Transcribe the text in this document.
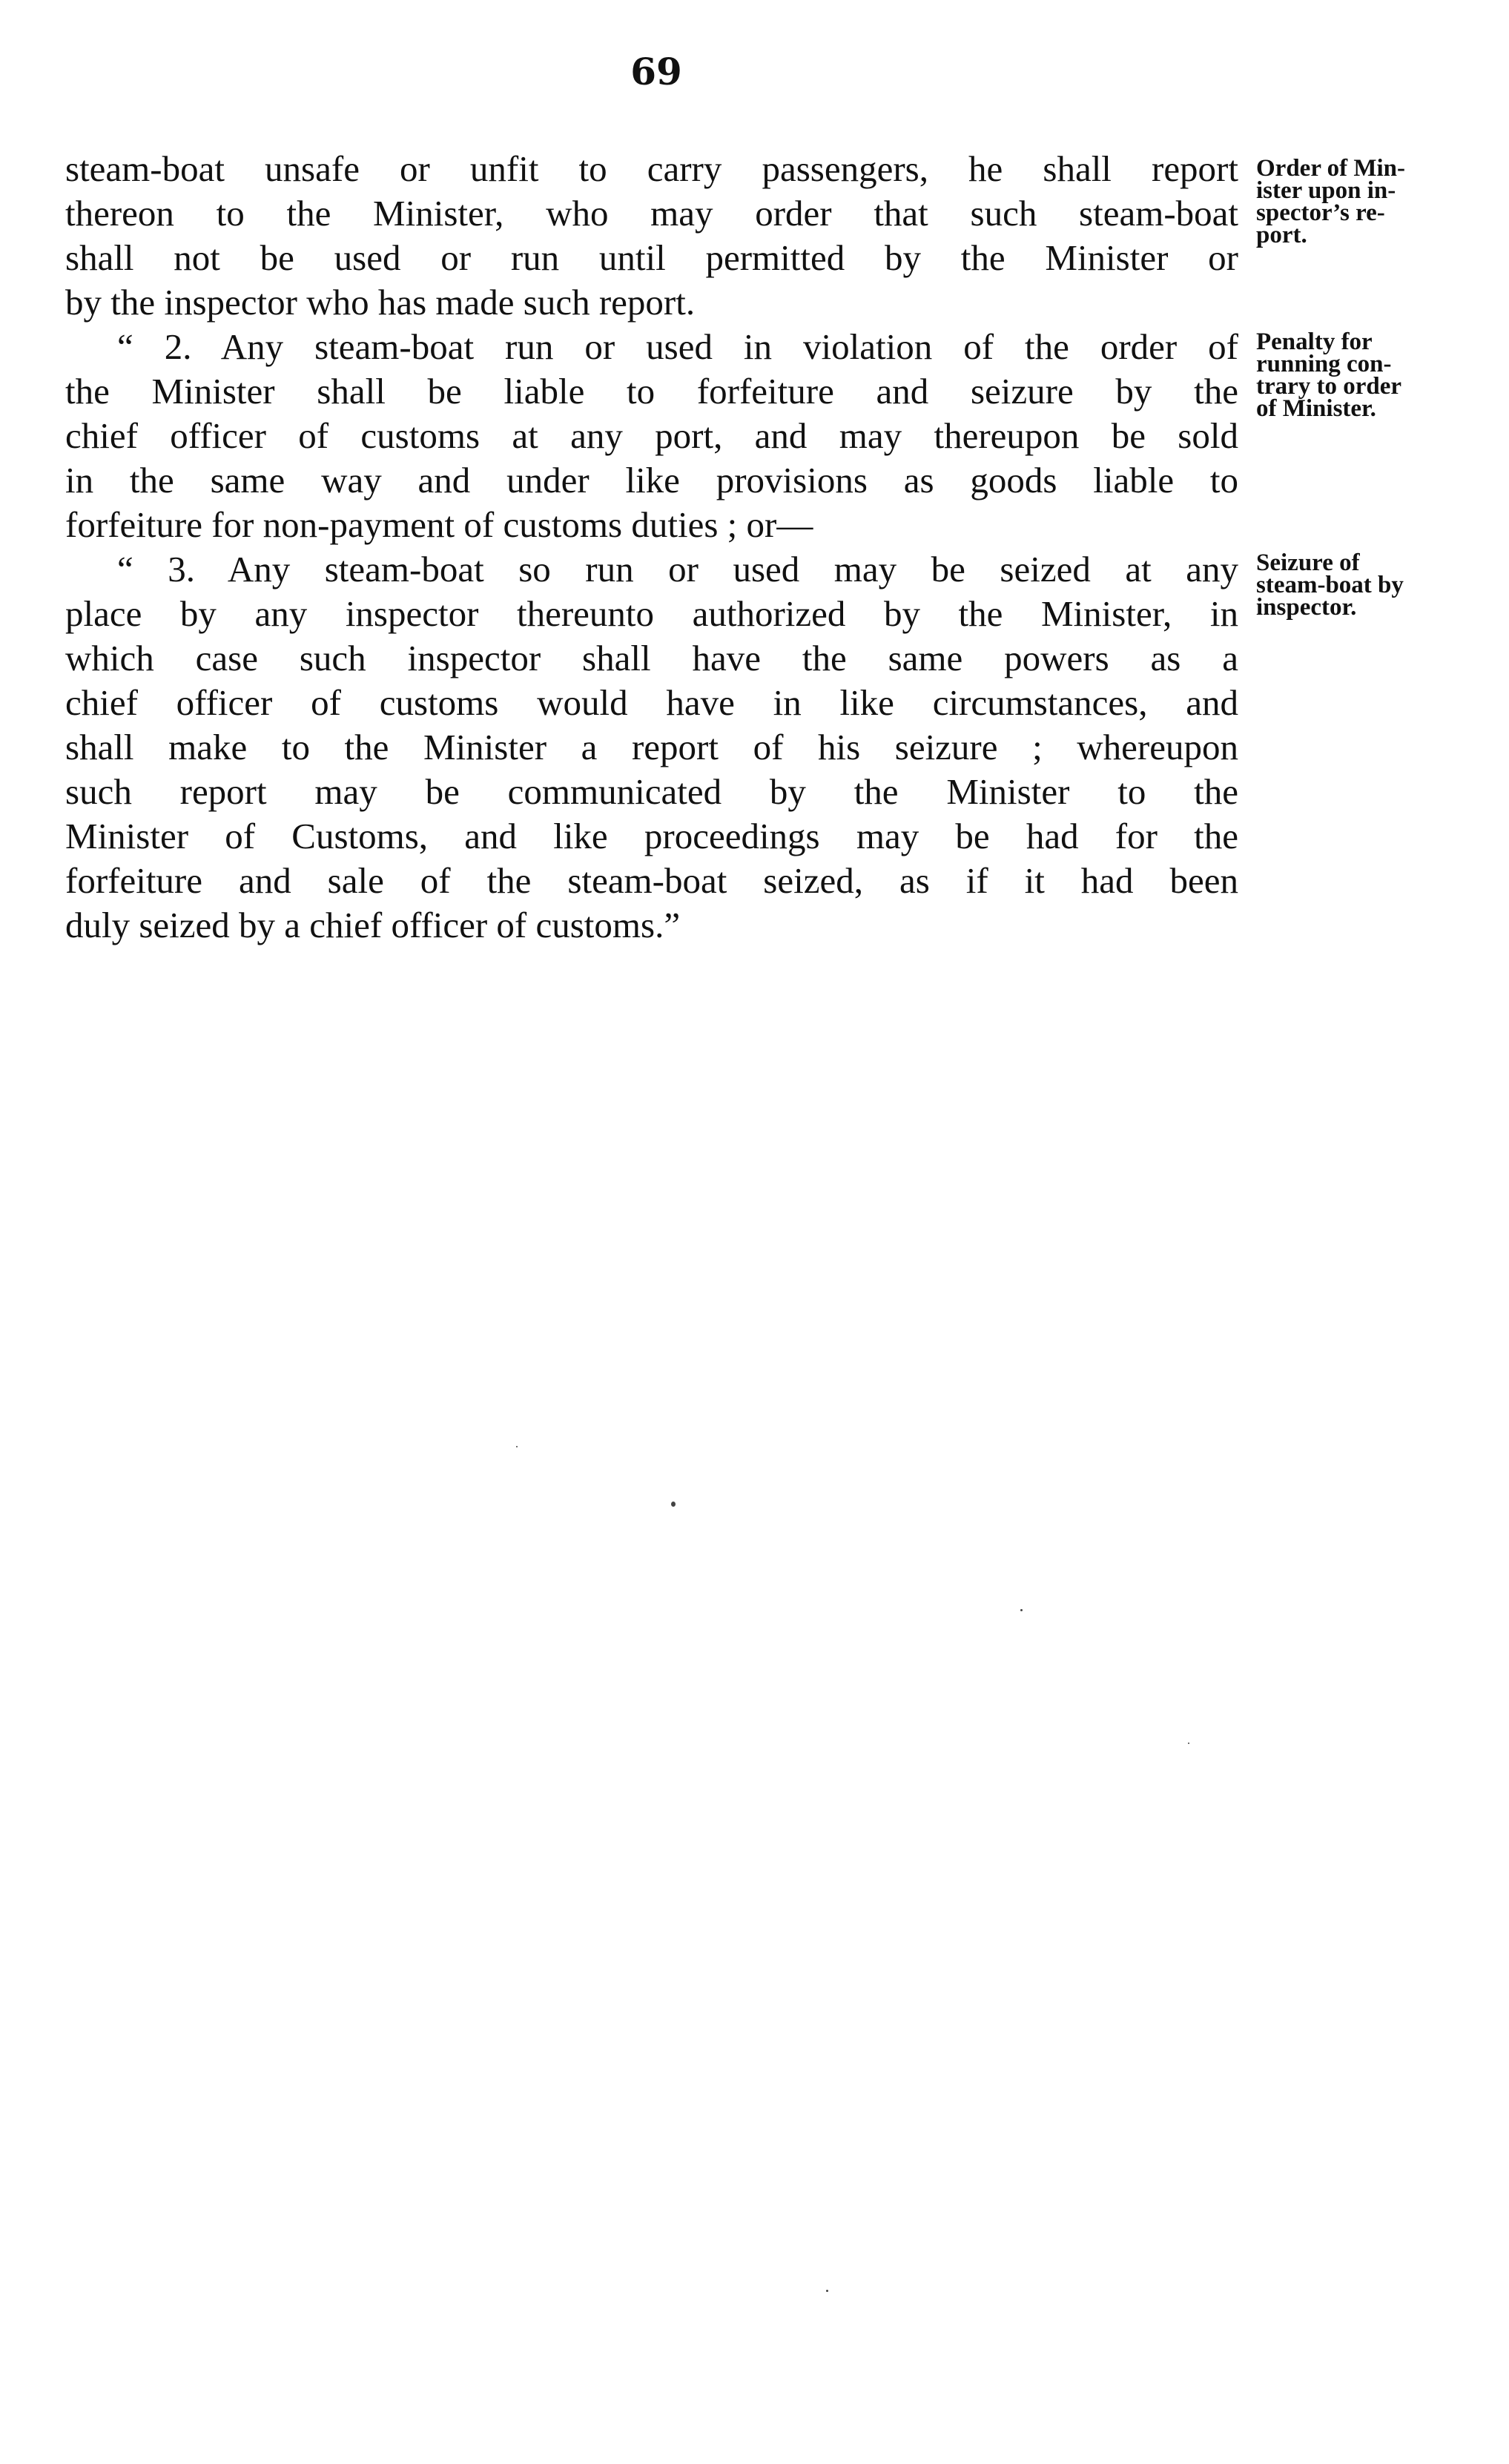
69
steam-boat unsafe or unfit to carry passengers, he shall report
thereon to the Minister, who may order that such steam-boat
shall not be used or run until permitted by the Minister or
by the inspector who has made such report.
“ 2. Any steam-boat run or used in violation of the order of
the Minister shall be liable to forfeiture and seizure by the
chief officer of customs at any port, and may thereupon be sold
in the same way and under like provisions as goods liable to
forfeiture for non-payment of customs duties ; or—
“ 3. Any steam-boat so run or used may be seized at any
place by any inspector thereunto authorized by the Minister, in
which case such inspector shall have the same powers as a
chief officer of customs would have in like circumstances, and
shall make to the Minister a report of his seizure ; whereupon
such report may be communicated by the Minister to the
Minister of Customs, and like proceedings may be had for the
forfeiture and sale of the steam-boat seized, as if it had been
duly seized by a chief officer of customs.”
Order of Min-
ister upon in-
spector’s re-
port.
Penalty for
running con-
trary to order
of Minister.
Seizure of
steam-boat by
inspector.
